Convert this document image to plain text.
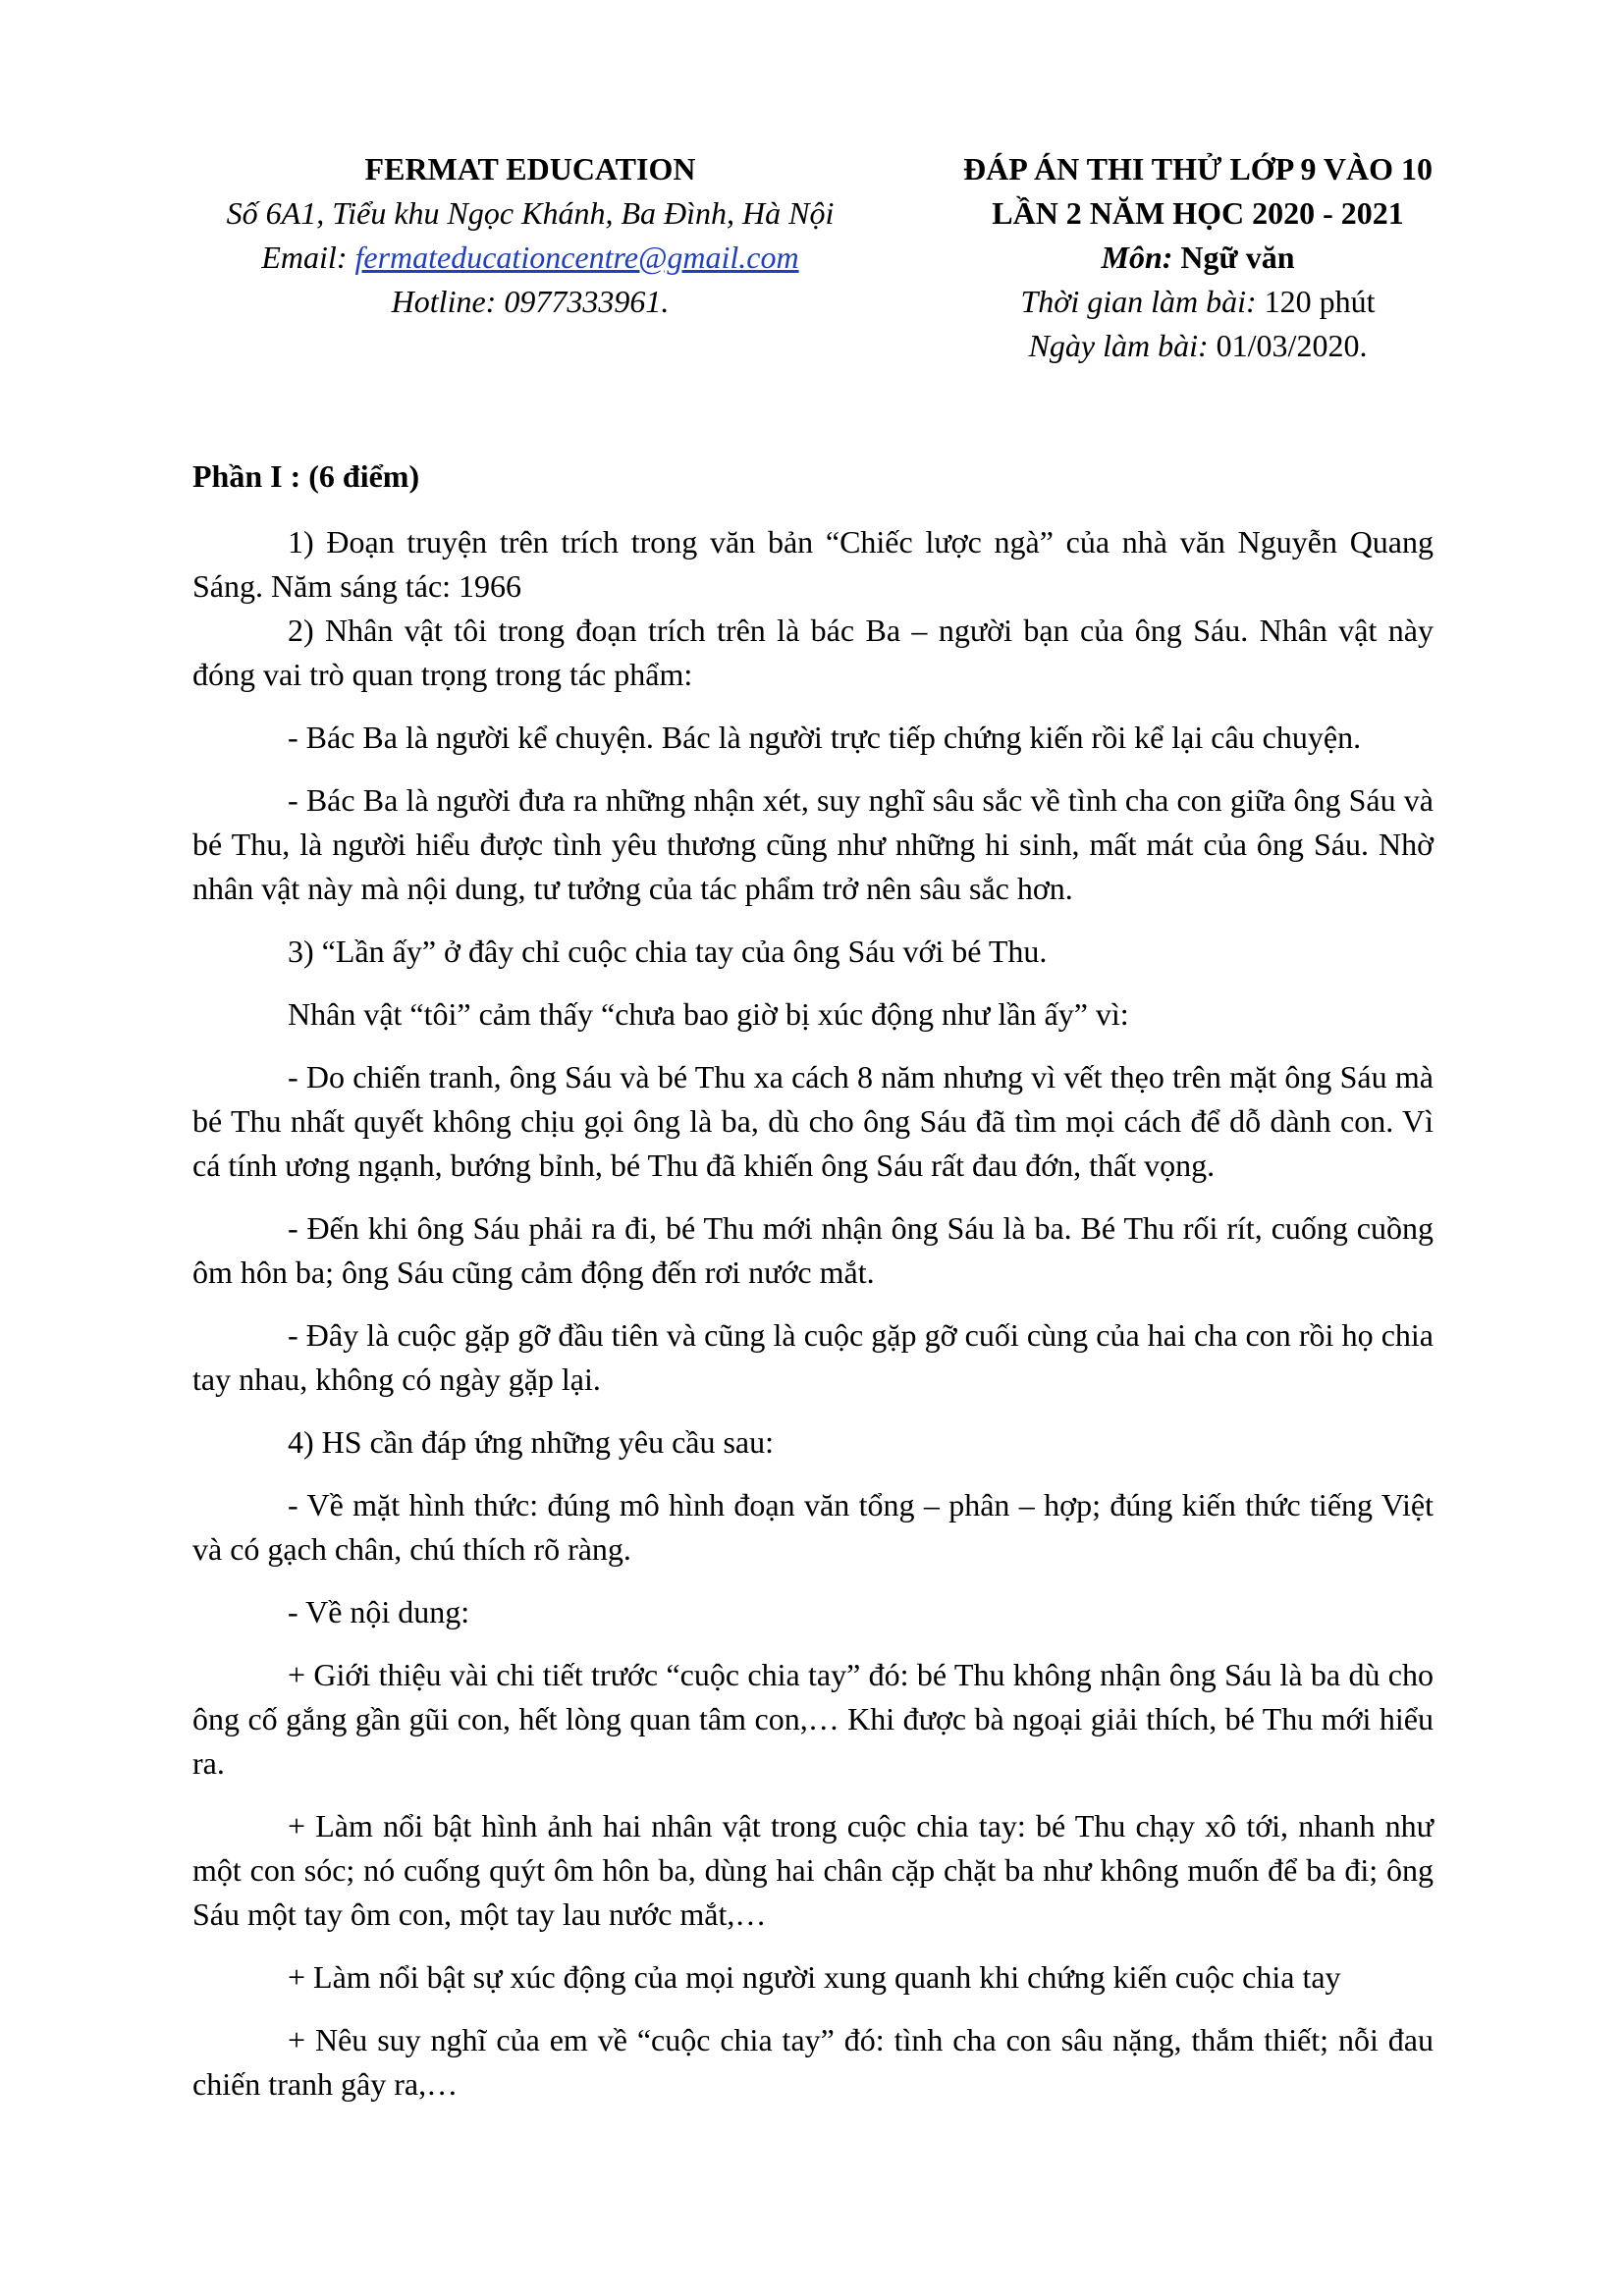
FERMAT EDUCATION
Số 6A1, Tiểu khu Ngọc Khánh, Ba Đình, Hà Nội
Email: fermateducationcentre@gmail.com
Hotline: 0977333961.
ĐÁP ÁN THI THỬ LỚP 9 VÀO 10
LẦN 2 NĂM HỌC 2020 - 2021
Môn: Ngữ văn
Thời gian làm bài: 120 phút
Ngày làm bài: 01/03/2020.

Phần I : (6 điểm)

1) Đoạn truyện trên trích trong văn bản “Chiếc lược ngà” của nhà văn Nguyễn Quang Sáng. Năm sáng tác: 1966

2) Nhân vật tôi trong đoạn trích trên là bác Ba – người bạn của ông Sáu. Nhân vật này đóng vai trò quan trọng trong tác phẩm:

- Bác Ba là người kể chuyện. Bác là người trực tiếp chứng kiến rồi kể lại câu chuyện.

- Bác Ba là người đưa ra những nhận xét, suy nghĩ sâu sắc về tình cha con giữa ông Sáu và bé Thu, là người hiểu được tình yêu thương cũng như những hi sinh, mất mát của ông Sáu. Nhờ nhân vật này mà nội dung, tư tưởng của tác phẩm trở nên sâu sắc hơn.

3) “Lần ấy” ở đây chỉ cuộc chia tay của ông Sáu với bé Thu.

Nhân vật “tôi” cảm thấy “chưa bao giờ bị xúc động như lần ấy” vì:

- Do chiến tranh, ông Sáu và bé Thu xa cách 8 năm nhưng vì vết thẹo trên mặt ông Sáu mà bé Thu nhất quyết không chịu gọi ông là ba, dù cho ông Sáu đã tìm mọi cách để dỗ dành con. Vì cá tính ương ngạnh, bướng bỉnh, bé Thu đã khiến ông Sáu rất đau đớn, thất vọng.

- Đến khi ông Sáu phải ra đi, bé Thu mới nhận ông Sáu là ba. Bé Thu rối rít, cuống cuồng ôm hôn ba; ông Sáu cũng cảm động đến rơi nước mắt.

- Đây là cuộc gặp gỡ đầu tiên và cũng là cuộc gặp gỡ cuối cùng của hai cha con rồi họ chia tay nhau, không có ngày gặp lại.

4) HS cần đáp ứng những yêu cầu sau:

- Về mặt hình thức: đúng mô hình đoạn văn tổng – phân – hợp; đúng kiến thức tiếng Việt và có gạch chân, chú thích rõ ràng.

- Về nội dung:

+ Giới thiệu vài chi tiết trước “cuộc chia tay” đó: bé Thu không nhận ông Sáu là ba dù cho ông cố gắng gần gũi con, hết lòng quan tâm con,… Khi được bà ngoại giải thích, bé Thu mới hiểu ra.

+ Làm nổi bật hình ảnh hai nhân vật trong cuộc chia tay: bé Thu chạy xô tới, nhanh như một con sóc; nó cuống quýt ôm hôn ba, dùng hai chân cặp chặt ba như không muốn để ba đi; ông Sáu một tay ôm con, một tay lau nước mắt,…

+ Làm nổi bật sự xúc động của mọi người xung quanh khi chứng kiến cuộc chia tay

+ Nêu suy nghĩ của em về “cuộc chia tay” đó: tình cha con sâu nặng, thắm thiết; nỗi đau chiến tranh gây ra,…
